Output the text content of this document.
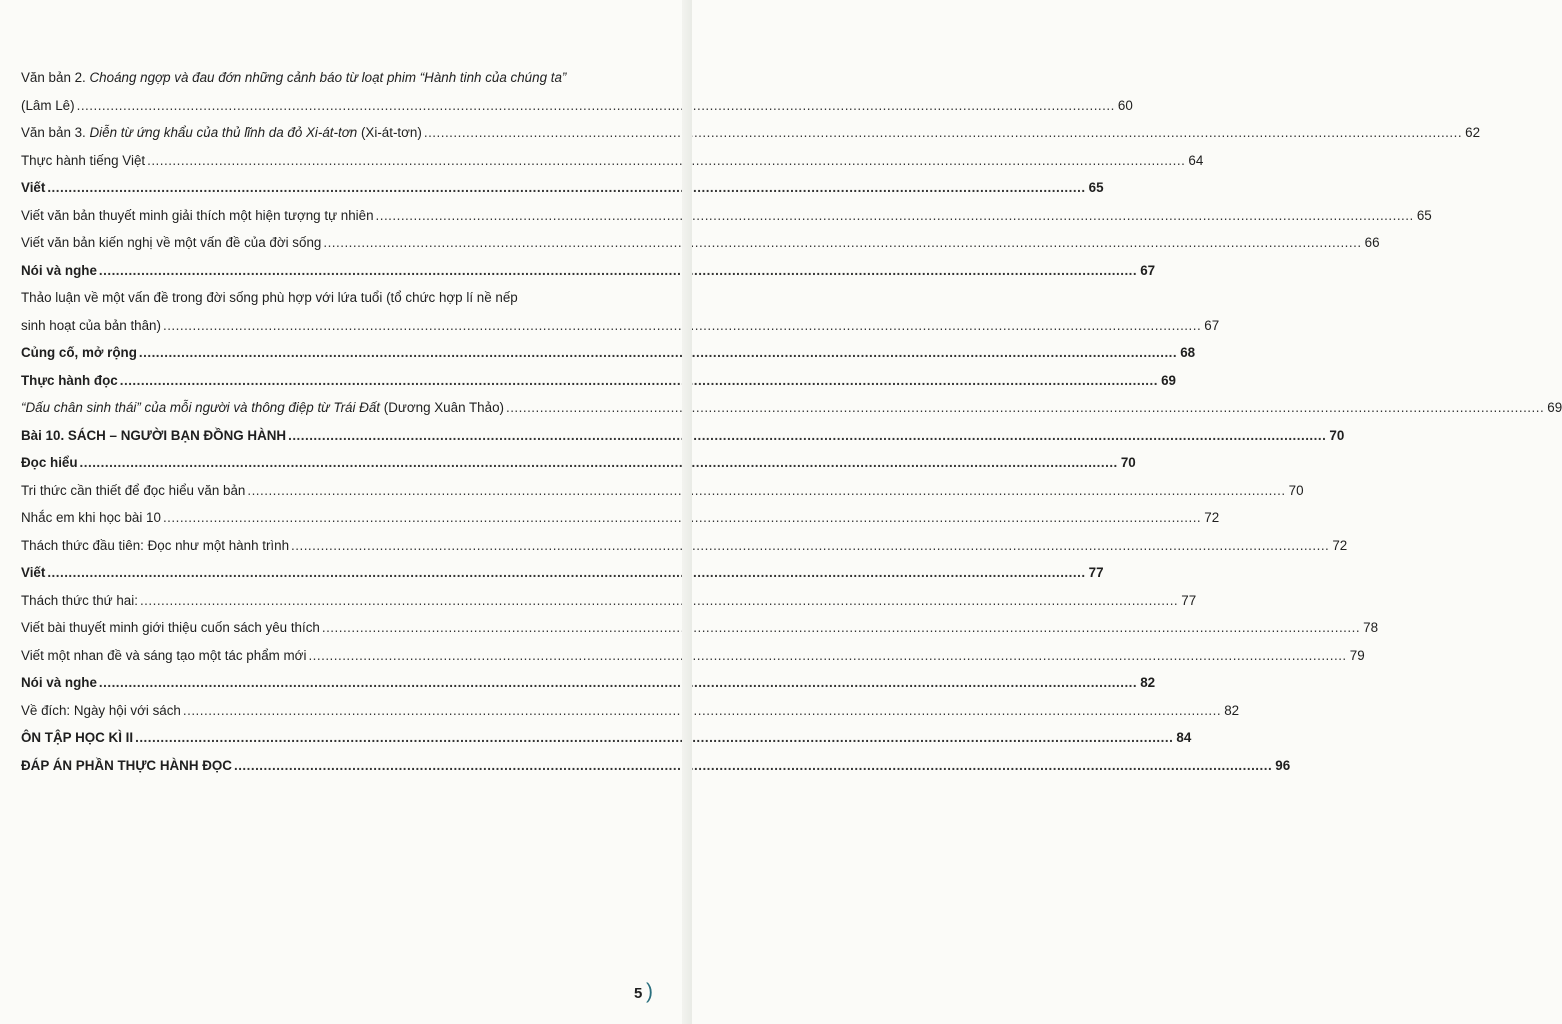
Văn bản 2. Choáng ngợp và đau đớn những cảnh báo từ loạt phim “Hành tinh của chúng ta”
(Lâm Lê) .....	60
Văn bản 3. Diễn từ ứng khẩu của thủ lĩnh da đỏ Xi-át-tơn (Xi-át-tơn) .....	62
Thực hành tiếng Việt .....	64
Viết .....	65
Viết văn bản thuyết minh giải thích một hiện tượng tự nhiên .....	65
Viết văn bản kiến nghị về một vấn đề của đời sống .....	66
Nói và nghe .....	67
Thảo luận về một vấn đề trong đời sống phù hợp với lứa tuổi (tổ chức hợp lí nề nếp
sinh hoạt của bản thân) .....	67
Củng cố, mở rộng .....	68
Thực hành đọc .....	69
“Dấu chân sinh thái” của mỗi người và thông điệp từ Trái Đất (Dương Xuân Thảo) .....	69
Bài 10. SÁCH – NGƯỜI BẠN ĐỒNG HÀNH .....	70
Đọc hiểu .....	70
Tri thức cần thiết để đọc hiểu văn bản .....	70
Nhắc em khi học bài 10 .....	72
Thách thức đầu tiên: Đọc như một hành trình .....	72
Viết .....	77
Thách thức thứ hai: .....	77
Viết bài thuyết minh giới thiệu cuốn sách yêu thích .....	78
Viết một nhan đề và sáng tạo một tác phẩm mới .....	79
Nói và nghe .....	82
Về đích: Ngày hội với sách .....	82
ÔN TẬP HỌC KÌ II .....	84
ĐÁP ÁN PHẦN THỰC HÀNH ĐỌC .....	96
5 )
